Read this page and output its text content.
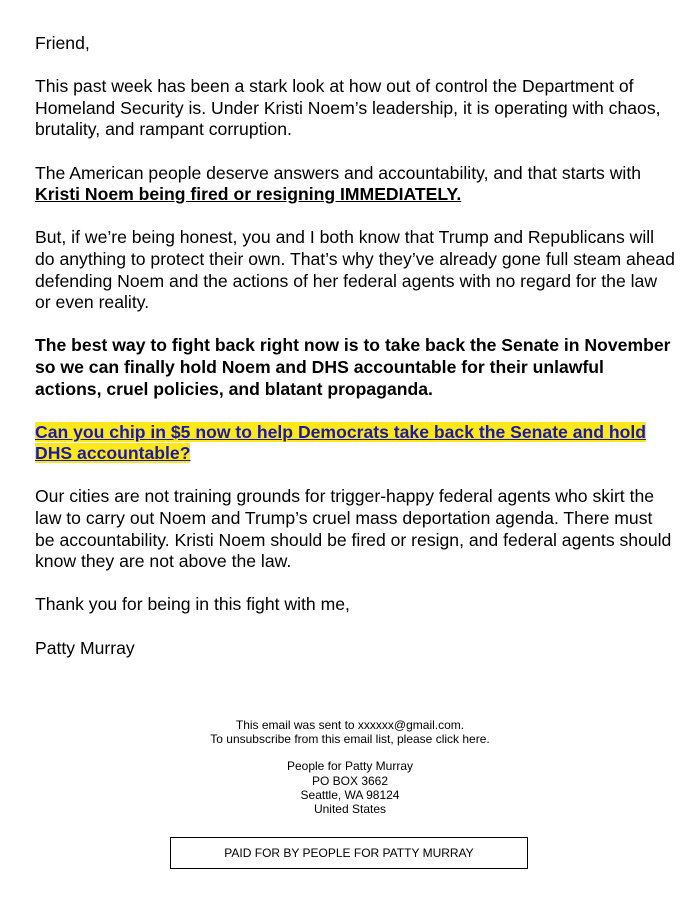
Friend,

This past week has been a stark look at how out of control the Department of Homeland Security is. Under Kristi Noem’s leadership, it is operating with chaos, brutality, and rampant corruption.

The American people deserve answers and accountability, and that starts with Kristi Noem being fired or resigning IMMEDIATELY.

But, if we’re being honest, you and I both know that Trump and Republicans will do anything to protect their own. That’s why they’ve already gone full steam ahead defending Noem and the actions of her federal agents with no regard for the law or even reality.

The best way to fight back right now is to take back the Senate in November so we can finally hold Noem and DHS accountable for their unlawful actions, cruel policies, and blatant propaganda.

Can you chip in $5 now to help Democrats take back the Senate and hold DHS accountable?

Our cities are not training grounds for trigger-happy federal agents who skirt the law to carry out Noem and Trump’s cruel mass deportation agenda. There must be accountability. Kristi Noem should be fired or resign, and federal agents should know they are not above the law.

Thank you for being in this fight with me,

Patty Murray

This email was sent to xxxxxx@gmail.com.
To unsubscribe from this email list, please click here.
People for Patty Murray
PO BOX 3662
Seattle, WA 98124
United States
PAID FOR BY PEOPLE FOR PATTY MURRAY
